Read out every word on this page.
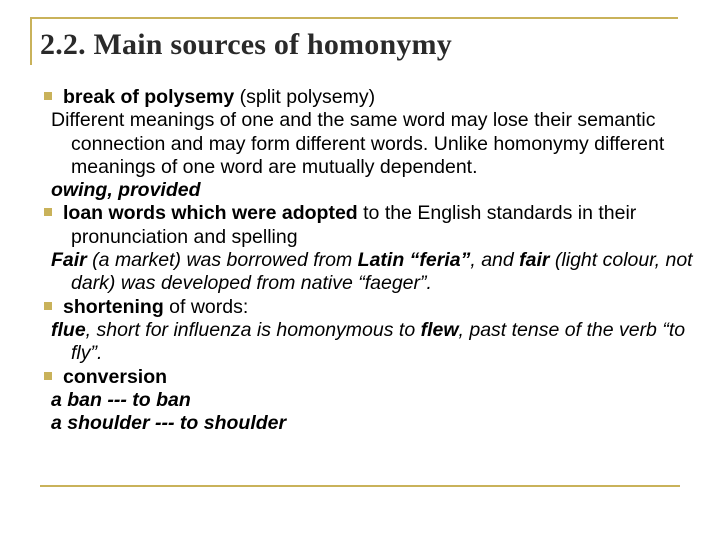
2.2. Main sources of homonymy

break of polysemy (split polysemy)

Different meanings of one and the same word may lose their semantic connection and may form different words. Unlike homonymy different meanings of one word are mutually dependent.

owing, provided

loan words which were adopted to the English standards in their pronunciation and spelling

Fair (a market) was borrowed from Latin “feria”, and fair (light colour, not dark) was developed from native “faeger”.

shortening of words:

flue, short for influenza is homonymous to flew, past tense of the verb “to fly”.

conversion

a ban --- to ban

a shoulder --- to shoulder
